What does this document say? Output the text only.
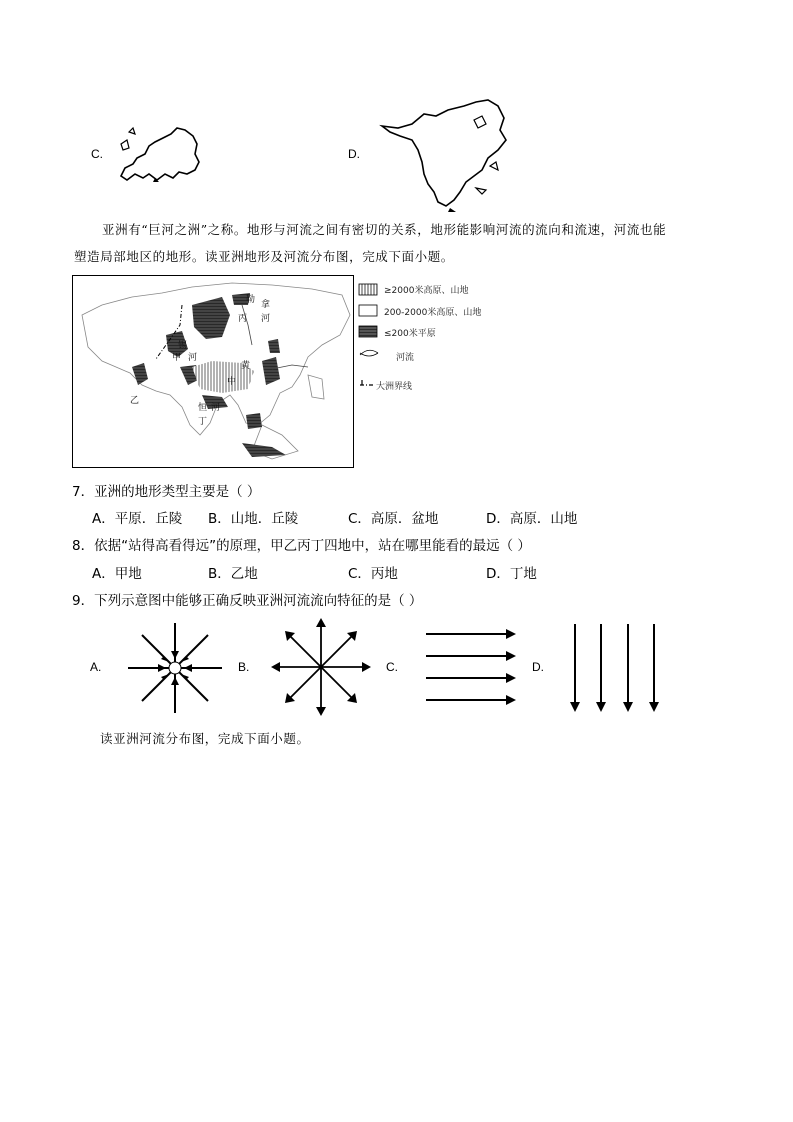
C.	D.
亚洲有“巨河之洲”之称。地形与河流之间有密切的关系，地形能影响河流的流向和流速，河流也能
塑造局部地区的地形。读亚洲地形及河流分布图，完成下面小题。
勒 拿
丙 河
锡
甲 河
黄
中
乙
恒 河
丁
≥2000米高原、山地
200-2000米高原、山地
≤200米平原
河流
大洲界线
7．亚洲的地形类型主要是（ ）
A．平原．丘陵 B．山地．丘陵	C．高原．盆地	D．高原．山地
8．依据“站得高看得远”的原理，甲乙丙丁四地中，站在哪里能看的最远（ ）
A．甲地	B．乙地	C．丙地	D．丁地
9．下列示意图中能够正确反映亚洲河流流向特征的是（ ）
A.	B.	C.	D.
读亚洲河流分布图，完成下面小题。
